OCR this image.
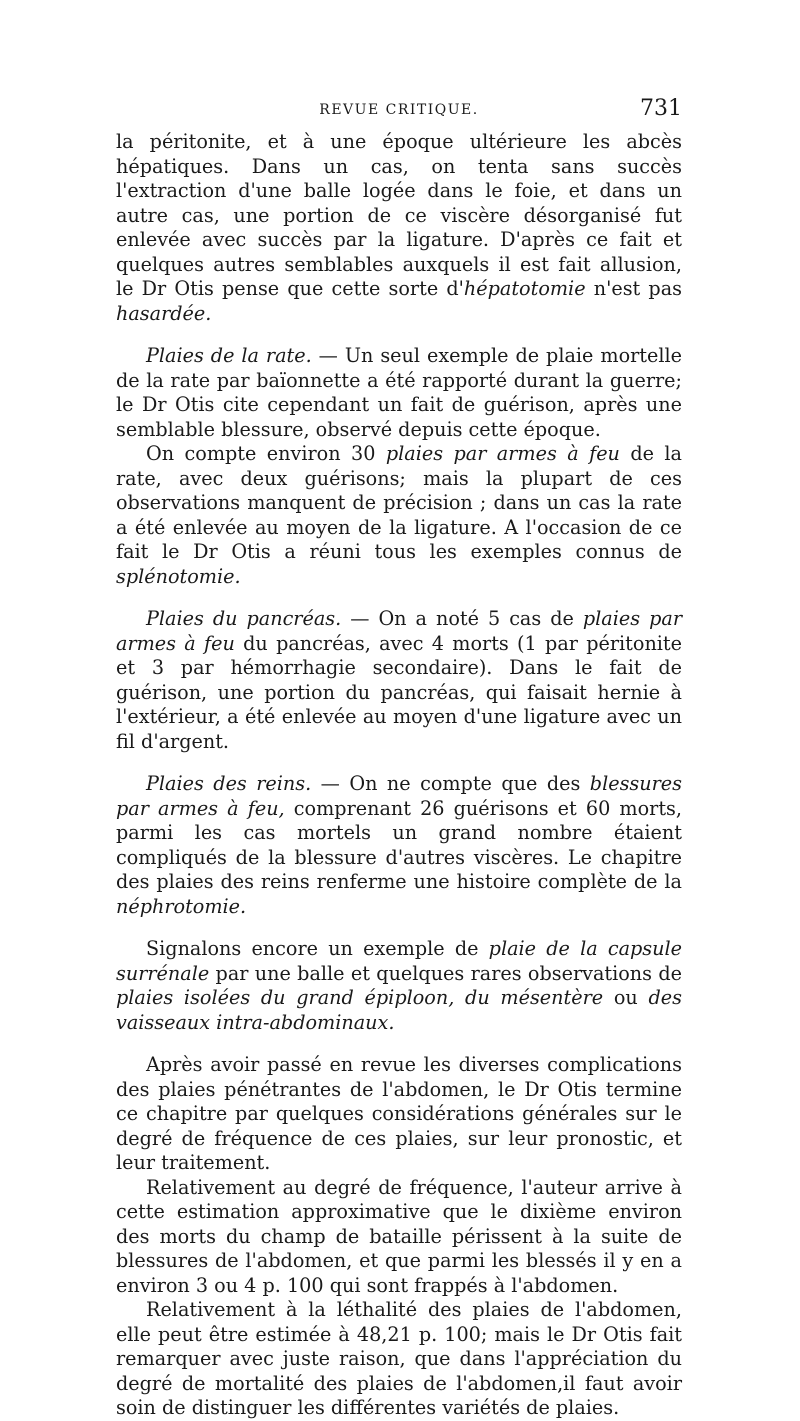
REVUE CRITIQUE.	731

la péritonite, et à une époque ultérieure les abcès hépatiques. Dans un cas, on tenta sans succès l'extraction d'une balle logée dans le foie, et dans un autre cas, une portion de ce viscère désorganisé fut enlevée avec succès par la ligature. D'après ce fait et quelques autres semblables auxquels il est fait allusion, le Dr Otis pense que cette sorte d'hépatotomie n'est pas hasardée.

Plaies de la rate. — Un seul exemple de plaie mortelle de la rate par baïonnette a été rapporté durant la guerre; le Dr Otis cite cependant un fait de guérison, après une semblable blessure, observé depuis cette époque.

On compte environ 30 plaies par armes à feu de la rate, avec deux guérisons; mais la plupart de ces observations manquent de précision ; dans un cas la rate a été enlevée au moyen de la ligature. A l'occasion de ce fait le Dr Otis a réuni tous les exemples connus de splénotomie.

Plaies du pancréas. — On a noté 5 cas de plaies par armes à feu du pancréas, avec 4 morts (1 par péritonite et 3 par hémorrhagie secondaire). Dans le fait de guérison, une portion du pancréas, qui faisait hernie à l'extérieur, a été enlevée au moyen d'une ligature avec un fil d'argent.

Plaies des reins. — On ne compte que des blessures par armes à feu, comprenant 26 guérisons et 60 morts, parmi les cas mortels un grand nombre étaient compliqués de la blessure d'autres viscères. Le chapitre des plaies des reins renferme une histoire complète de la néphrotomie.

Signalons encore un exemple de plaie de la capsule surrénale par une balle et quelques rares observations de plaies isolées du grand épiploon, du mésentère ou des vaisseaux intra-abdominaux.

Après avoir passé en revue les diverses complications des plaies pénétrantes de l'abdomen, le Dr Otis termine ce chapitre par quelques considérations générales sur le degré de fréquence de ces plaies, sur leur pronostic, et leur traitement.

Relativement au degré de fréquence, l'auteur arrive à cette estimation approximative que le dixième environ des morts du champ de bataille périssent à la suite de blessures de l'abdomen, et que parmi les blessés il y en a environ 3 ou 4 p. 100 qui sont frappés à l'abdomen.

Relativement à la léthalité des plaies de l'abdomen, elle peut être estimée à 48,21 p. 100; mais le Dr Otis fait remarquer avec juste raison, que dans l'appréciation du degré de mortalité des plaies de l'abdomen,il faut avoir soin de distinguer les différentes variétés de plaies.
